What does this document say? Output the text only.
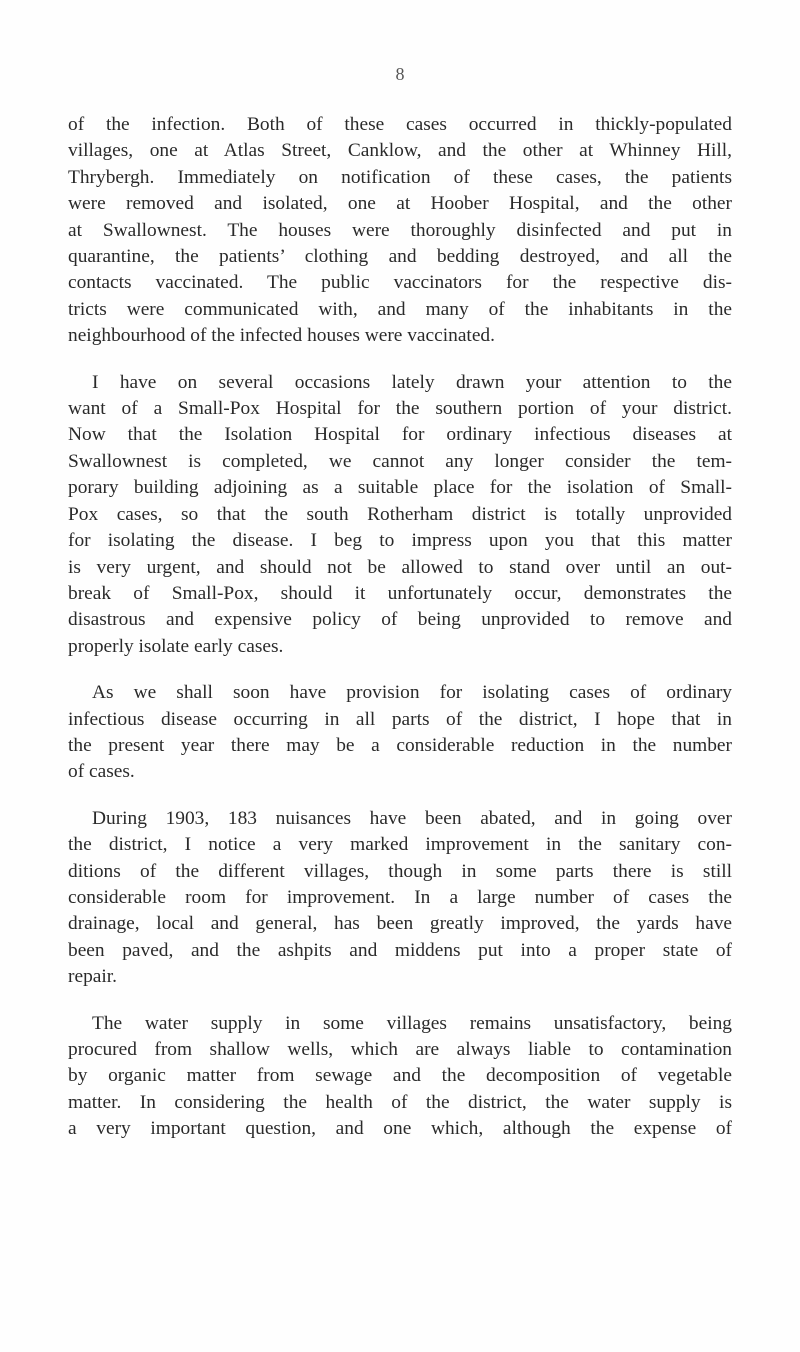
8

of the infection. Both of these cases occurred in thickly-populated
villages, one at Atlas Street, Canklow, and the other at Whinney Hill,
Thrybergh. Immediately on notification of these cases, the patients
were removed and isolated, one at Hoober Hospital, and the other
at Swallownest. The houses were thoroughly disinfected and put in
quarantine, the patients’ clothing and bedding destroyed, and all the
contacts vaccinated. The public vaccinators for the respective dis-
tricts were communicated with, and many of the inhabitants in the
neighbourhood of the infected houses were vaccinated.

I have on several occasions lately drawn your attention to the
want of a Small-Pox Hospital for the southern portion of your district.
Now that the Isolation Hospital for ordinary infectious diseases at
Swallownest is completed, we cannot any longer consider the tem-
porary building adjoining as a suitable place for the isolation of Small-
Pox cases, so that the south Rotherham district is totally unprovided
for isolating the disease. I beg to impress upon you that this matter
is very urgent, and should not be allowed to stand over until an out-
break of Small-Pox, should it unfortunately occur, demonstrates the
disastrous and expensive policy of being unprovided to remove and
properly isolate early cases.

As we shall soon have provision for isolating cases of ordinary
infectious disease occurring in all parts of the district, I hope that in
the present year there may be a considerable reduction in the number
of cases.

During 1903, 183 nuisances have been abated, and in going over
the district, I notice a very marked improvement in the sanitary con-
ditions of the different villages, though in some parts there is still
considerable room for improvement. In a large number of cases the
drainage, local and general, has been greatly improved, the yards have
been paved, and the ashpits and middens put into a proper state of
repair.

The water supply in some villages remains unsatisfactory, being
procured from shallow wells, which are always liable to contamination
by organic matter from sewage and the decomposition of vegetable
matter. In considering the health of the district, the water supply is
a very important question, and one which, although the expense of
